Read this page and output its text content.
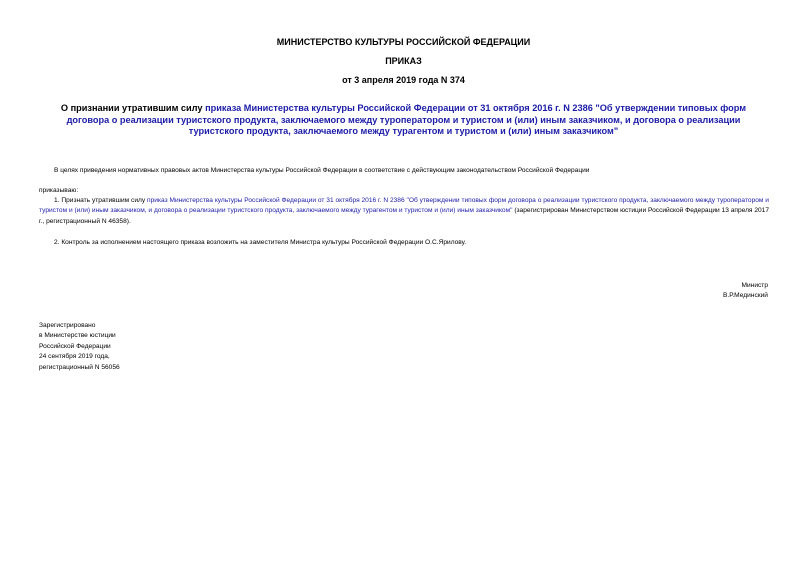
МИНИСТЕРСТВО КУЛЬТУРЫ РОССИЙСКОЙ ФЕДЕРАЦИИ
ПРИКАЗ
от 3 апреля 2019 года N 374
О признании утратившим силу приказа Министерства культуры Российской Федерации от 31 октября 2016 г. N 2386 "Об утверждении типовых форм договора о реализации туристского продукта, заключаемого между туроператором и туристом и (или) иным заказчиком, и договора о реализации туристского продукта, заключаемого между турагентом и туристом и (или) иным заказчиком"
В целях приведения нормативных правовых актов Министерства культуры Российской Федерации в соответствие с действующим законодательством Российской Федерации
приказываю:
1. Признать утратившим силу приказ Министерства культуры Российской Федерации от 31 октября 2016 г. N 2386 "Об утверждении типовых форм договора о реализации туристского продукта, заключаемого между туроператором и туристом и (или) иным заказчиком, и договора о реализации туристского продукта, заключаемого между турагентом и туристом и (или) иным заказчиком" (зарегистрирован Министерством юстиции Российской Федерации 13 апреля 2017 г., регистрационный N 46358).
2. Контроль за исполнением настоящего приказа возложить на заместителя Министра культуры Российской Федерации О.С.Ярилову.
Министр
В.Р.Мединский
Зарегистрировано
в Министерстве юстиции
Российской Федерации
24 сентября 2019 года,
регистрационный N 56056
